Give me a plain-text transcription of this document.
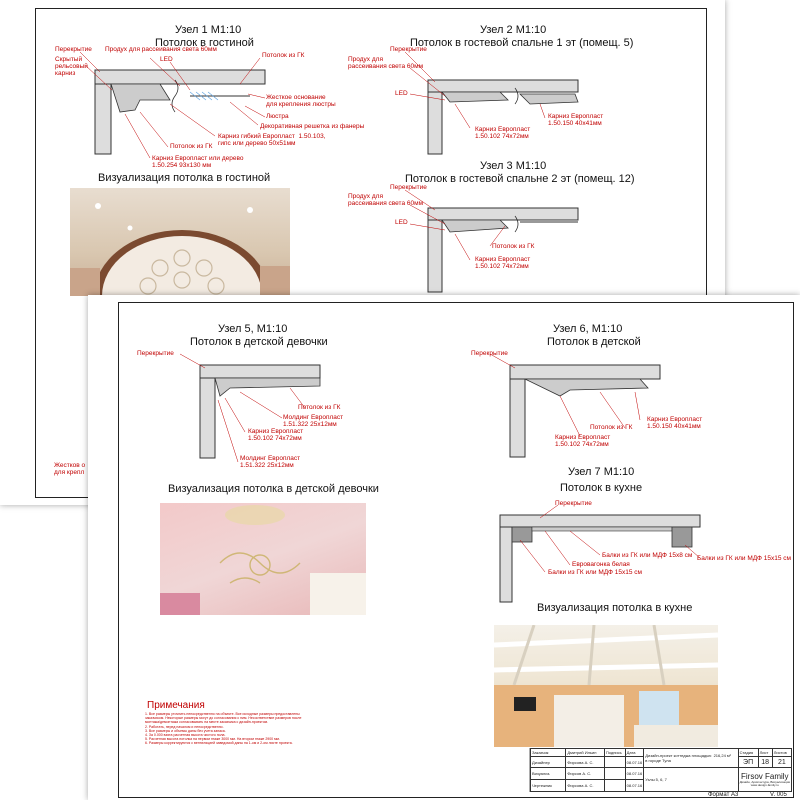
Узел 1 М1:10
Потолок в гостиной
Перекрытие Продух для рассеивания света 60мм
Скрытый
рельсовый
карниз
LED
Потолок из ГК
Жесткое основание
для крепления люстры
Люстра
Декоративная решетка из фанеры
Карниз гибкий Европласт  1.50.103,
гипс или дерево 50х51мм
Потолок из ГК
Карниз Европласт или дерево
1.50.254 93х130 мм
Узел 2 М1:10
Потолок в гостевой спальне 1 эт (помещ. 5)
Перекрытие
Продух для
рассеивания света 60мм
LED
Карниз Европласт
1.50.102 74х72мм
Карниз Европласт
1.50.150 40х41мм
Узел 3 М1:10
Потолок в гостевой спальне 2 эт (помещ. 12)
Перекрытие
Продух для
рассеивания света 60мм
LED
Потолок из ГК
Карниз Европласт
1.50.102 74х72мм
Визуализация потолка в гостиной
Жестков о
для крепл
Узел 5, М1:10
Потолок в детской девочки
Перекрытие
Потолок из ГК
Молдинг Европласт
1.51.322 25х12мм
Карниз Европласт
1.50.102 74х72мм
Молдинг Европласт
1.51.322 25х12мм
Узел 6, М1:10
Потолок в детской
Перекрытие
Потолок из ГК
Карниз Европласт
1.50.102 74х72мм
Карниз Европласт
1.50.150 40х41мм
Узел 7 М1:10
Потолок в кухне
Перекрытие
Балки из ГК или МДФ 15х8 см
Евровагонка белая
Балки из ГК или МДФ 15х15 см
Балки из ГК или МДФ 15х15 см
Визуализация потолка в детской девочки
Визуализация потолка в кухне
Примечания
1. Все размеры уточнить непосредственно на объекте. Все исходные размеры предоставлены заказчиком. Некоторые размеры могут до согласования с ним. Несоответствие размеров после монтажа/демонтажа согласовывать на месте заказчика с дизайн-проектом.
2. Работать, перед началом и непосредственно.
3. Все размеры и объемы даны без учета запаса.
4. За 0.000 взята расчетная высота чистого пола.
5. Расчетная высота потолка на первом этаже 3000 мм. На втором этаже 2900 мм.
6. Размеры корректируются с вентиляцией заведомой даны на 1-ом и 2-ом листе проекта.
Заказчик	Дмитрий Ильин	Подпись	Дата	Дизайн-проект коттеджа площадью  216,24 м²
в городе Тула	Стадия	Лист	Листов
Дизайнер	Фирсова А. С.		08.07.16		ЭП	18	21
Визуализ.	Фирсов А. С.		08.07.16	Узлы 5, 6, 7	Firsov Family
Дизайн, Архитектура, Визуализация
www.design-family.ru		

Чертежник	Фирсова А. С.		08.07.16				
Формат А3	V. 005
